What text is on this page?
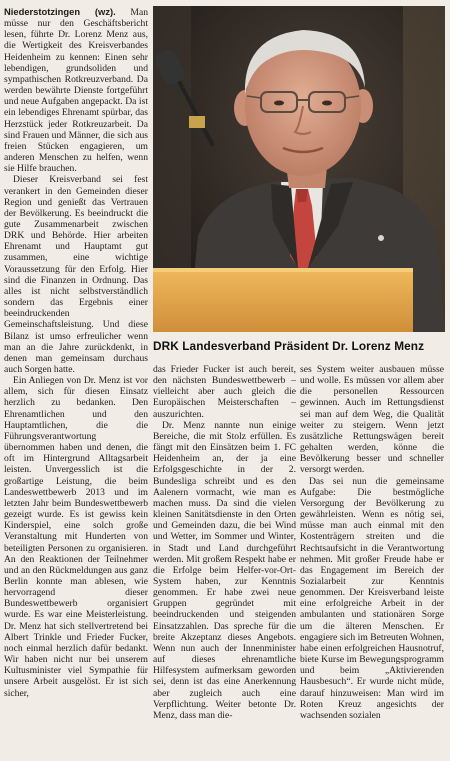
Niederstotzingen (wz). Man müsse nur den Geschäftsbericht lesen, führte Dr. Lorenz Menz aus, die Wertigkeit des Kreisverbandes Heidenheim zu kennen: Einen sehr lebendigen, grundsoliden und sympathischen Rotkreuzverband. Da werden bewährte Dienste fortgeführt und neue Aufgaben angepackt. Da ist ein lebendiges Ehrenamt spürbar, das Herzstück jeder Rotkreuzarbeit. Da sind Frauen und Männer, die sich aus freien Stücken engagieren, um anderen Menschen zu helfen, wenn sie Hilfe brauchen.

Dieser Kreisverband sei fest verankert in den Gemeinden dieser Region und genießt das Vertrauen der Bevölkerung. Es beeindruckt die gute Zusammenarbeit zwischen DRK und Behörde. Hier arbeiten Ehrenamt und Hauptamt gut zusammen, eine wichtige Voraussetzung für den Erfolg. Hier sind die Finanzen in Ordnung. Das alles ist nicht selbstverständlich sondern das Ergebnis einer beeindruckenden Gemeinschaftsleistung. Und diese Bilanz ist umso erfreulicher wenn man an die Jahre zurückdenkt, in denen man gemeinsam durchaus auch Sorgen hatte.

Ein Anliegen von Dr. Menz ist vor allem, sich für diesen Einsatz herzlich zu bedanken. Den Ehrenamtlichen und den Hauptamtlichen, die die Führungsverantwortung übernommen haben und denen, die oft im Hintergrund Alltagsarbeit leisten. Unvergesslich ist die großartige Leistung, die beim Landeswettbewerb 2013 und im letzten Jahr beim Bundeswettbewerb gezeigt wurde. Es ist gewiss kein Kinderspiel, eine solch große Veranstaltung mit Hunderten von beteiligten Personen zu organisieren. An den Reaktionen der Teilnehmer und an den Rückmeldungen aus ganz Berlin konnte man ablesen, wie hervorragend dieser Bundeswettbewerb organisiert wurde. Es war eine Meisterleistung. Dr. Menz hat sich stellvertretend bei Albert Trinkle und Frieder Fucker, noch einmal herzlich dafür bedankt. Wir haben nicht nur bei unserem Kultusminister viel Sympathie für unsere Arbeit ausgelöst. Er ist sich sicher,

DRK Landesverband Präsident Dr. Lorenz Menz

das Frieder Fucker ist auch bereit, den nächsten Bundeswettbewerb – vielleicht aber auch gleich die Europäischen Meisterschaften – auszurichten.

Dr. Menz nannte nun einige Bereiche, die mit Stolz erfüllen. Es fängt mit den Einsätzen beim 1. FC Heidenheim an, der ja eine Erfolgsgeschichte in der 2. Bundesliga schreibt und es den Aalenern vormacht, wie man es machen muss. Da sind die vielen kleinen Sanitätsdienste in den Orten und Gemeinden dazu, die bei Wind und Wetter, im Sommer und Winter, in Stadt und Land durchgeführt werden. Mit großem Respekt habe er die Erfolge beim Helfer-vor-Ort-System haben, zur Kenntnis genommen. Er habe zwei neue Gruppen gegründet mit beeindruckenden und steigenden Einsatzzahlen. Das spreche für die breite Akzeptanz dieses Angebots. Wenn nun auch der Innenminister auf dieses ehrenamtliche Hilfesystem aufmerksam geworden sei, denn ist das eine Anerkennung aber zugleich auch eine Verpflichtung. Weiter betonte Dr. Menz, dass man die-

ses System weiter ausbauen müsse und wolle. Es müssen vor allem aber die personellen Ressourcen gewinnen. Auch im Rettungsdienst sei man auf dem Weg, die Qualität weiter zu steigern. Wenn jetzt zusätzliche Rettungswägen bereit gehalten werden, könne die Bevölkerung besser und schneller versorgt werden.

Das sei nun die gemeinsame Aufgabe: Die bestmögliche Versorgung der Bevölkerung zu gewährleisten. Wenn es nötig sei, müsse man auch einmal mit den Kostenträgern streiten und die Rechtsaufsicht in die Verantwortung nehmen. Mit großer Freude habe er das Engagement im Bereich der Sozialarbeit zur Kenntnis genommen. Der Kreisverband leiste eine erfolgreiche Arbeit in der ambulanten und stationären Sorge um die älteren Menschen. Er engagiere sich im Betreuten Wohnen, habe einen erfolgreichen Hausnotruf, biete Kurse im Bewegungsprogramm und beim „Aktivierenden Hausbesuch“. Er wurde nicht müde, darauf hinzuweisen: Man wird im Roten Kreuz angesichts der wachsenden sozialen
